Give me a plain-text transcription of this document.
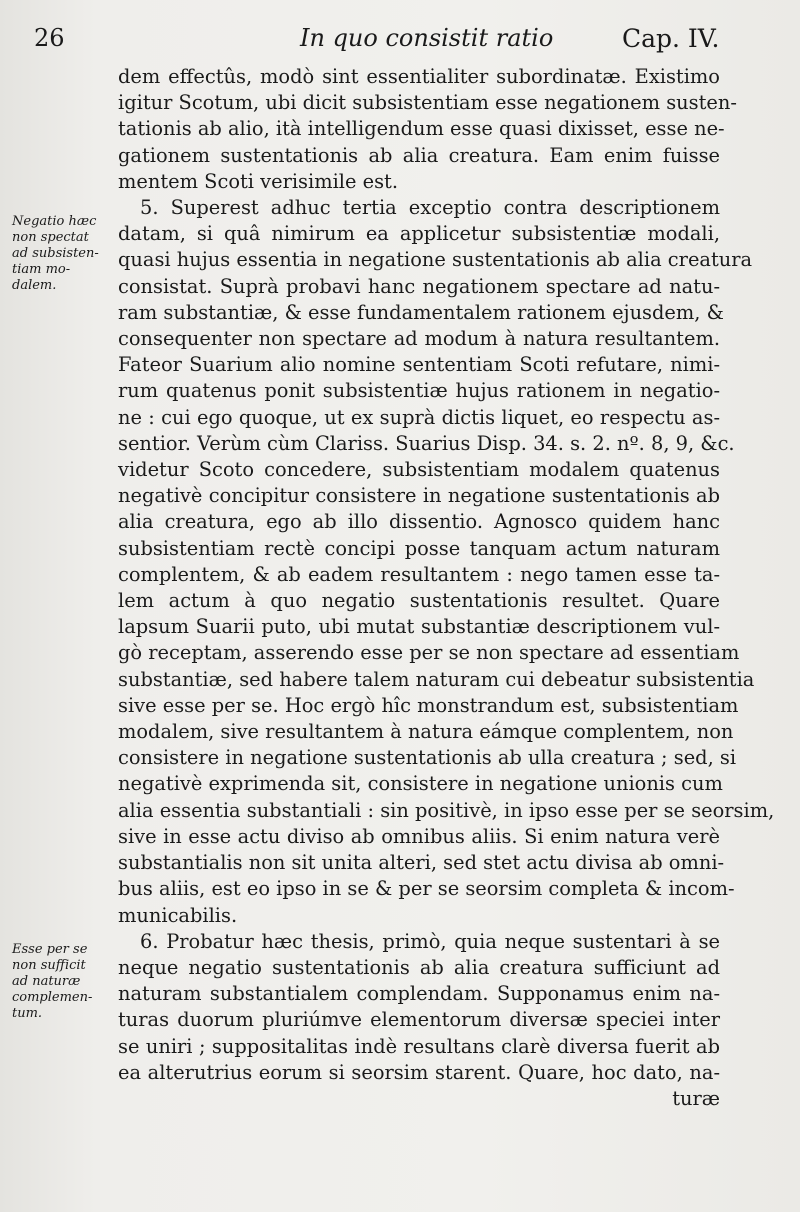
26	In quo consistit ratio	Cap. IV.
Negatio hæc
non spectat
ad subsisten-
tiam mo-
dalem.
Esse per se
non sufficit
ad naturæ
complemen-
tum.
dem effectûs, modò sint essentialiter subordinatæ. Existimo
igitur Scotum, ubi dicit subsistentiam esse negationem susten-
tationis ab alio, ità intelligendum esse quasi dixisset, esse ne-
gationem sustentationis ab alia creatura. Eam enim fuisse
mentem Scoti verisimile est.
5. Superest adhuc tertia exceptio contra descriptionem
datam, si quâ nimirum ea applicetur subsistentiæ modali,
quasi hujus essentia in negatione sustentationis ab alia creatura
consistat. Suprà probavi hanc negationem spectare ad natu-
ram substantiæ, & esse fundamentalem rationem ejusdem, &
consequenter non spectare ad modum à natura resultantem.
Fateor Suarium alio nomine sententiam Scoti refutare, nimi-
rum quatenus ponit subsistentiæ hujus rationem in negatio-
ne : cui ego quoque, ut ex suprà dictis liquet, eo respectu as-
sentior. Verùm cùm Clariss. Suarius Disp. 34. s. 2. nº. 8, 9, &c.
videtur Scoto concedere, subsistentiam modalem quatenus
negativè concipitur consistere in negatione sustentationis ab
alia creatura, ego ab illo dissentio. Agnosco quidem hanc
subsistentiam rectè concipi posse tanquam actum naturam
complentem, & ab eadem resultantem : nego tamen esse ta-
lem actum à quo negatio sustentationis resultet. Quare
lapsum Suarii puto, ubi mutat substantiæ descriptionem vul-
gò receptam, asserendo esse per se non spectare ad essentiam
substantiæ, sed habere talem naturam cui debeatur subsistentia
sive esse per se. Hoc ergò hîc monstrandum est, subsistentiam
modalem, sive resultantem à natura eámque complentem, non
consistere in negatione sustentationis ab ulla creatura ; sed, si
negativè exprimenda sit, consistere in negatione unionis cum
alia essentia substantiali : sin positivè, in ipso esse per se seorsim,
sive in esse actu diviso ab omnibus aliis. Si enim natura verè
substantialis non sit unita alteri, sed stet actu divisa ab omni-
bus aliis, est eo ipso in se & per se seorsim completa & incom-
municabilis.
6. Probatur hæc thesis, primò, quia neque sustentari à se
neque negatio sustentationis ab alia creatura sufficiunt ad
naturam substantialem complendam. Supponamus enim na-
turas duorum pluriúmve elementorum diversæ speciei inter
se uniri ; suppositalitas indè resultans clarè diversa fuerit ab
ea alterutrius eorum si seorsim starent. Quare, hoc dato, na-
turæ
